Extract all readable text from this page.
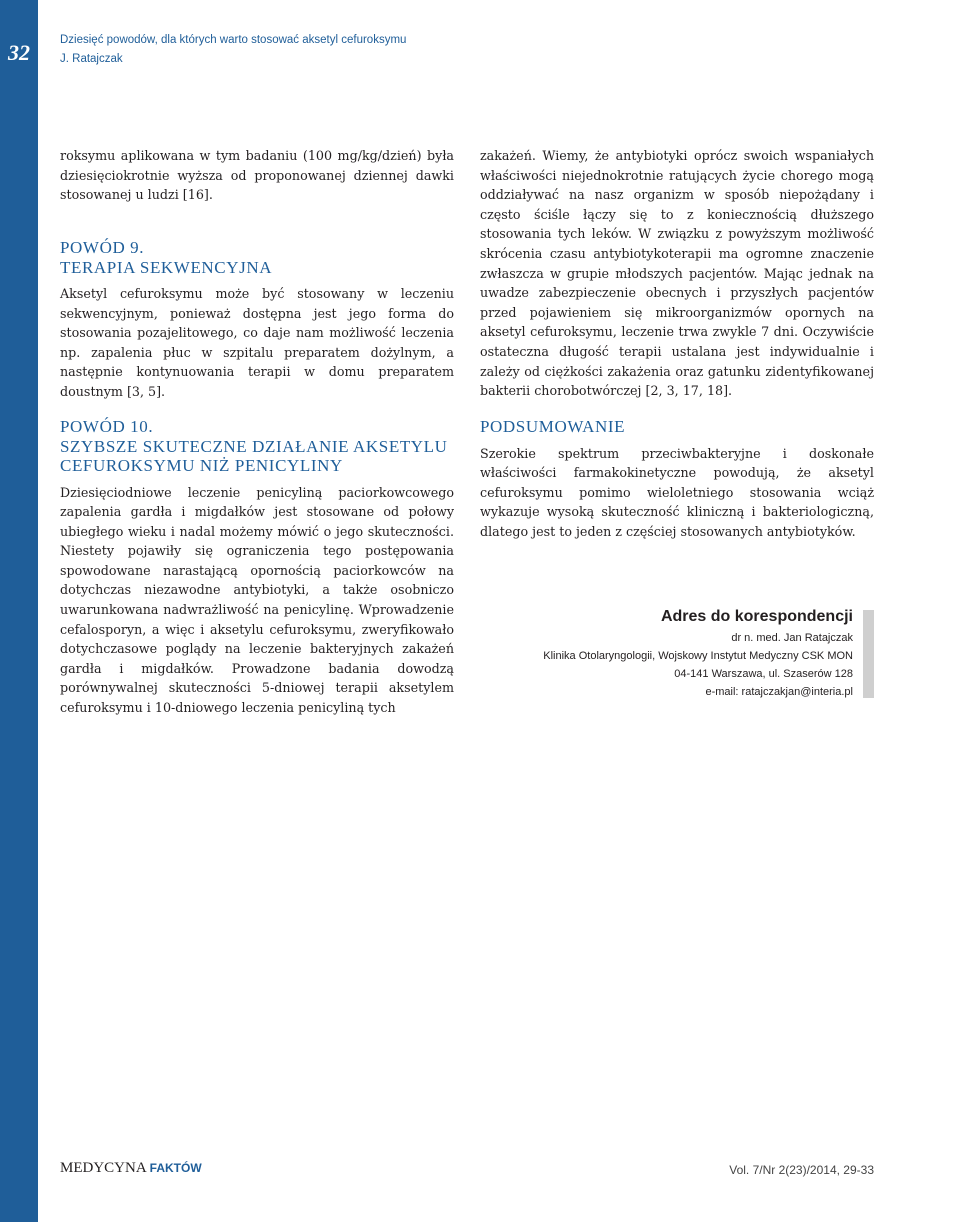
32	Dziesięć powodów, dla których warto stosować aksetyl cefuroksymu
J. Ratajczak

roksymu aplikowana w tym badaniu (100 mg/kg/dzień) była dziesięciokrotnie wyższa od proponowanej dziennej dawki stosowanej u ludzi [16].

POWÓD 9.
TERAPIA SEKWENCYJNA

Aksetyl cefuroksymu może być stosowany w leczeniu sekwencyjnym, ponieważ dostępna jest jego forma do stosowania pozajelitowego, co daje nam możliwość leczenia np. zapalenia płuc w szpitalu preparatem dożylnym, a następnie kontynuowania terapii w domu preparatem doustnym [3, 5].

POWÓD 10.
SZYBSZE SKUTECZNE DZIAŁANIE AKSETYLU CEFUROKSYMU NIŻ PENICYLINY

Dziesięciodniowe leczenie penicyliną paciorkowcowego zapalenia gardła i migdałków jest stosowane od połowy ubiegłego wieku i nadal możemy mówić o jego skuteczności. Niestety pojawiły się ograniczenia tego postępowania spowodowane narastającą opornością paciorkowców na dotychczas niezawodne antybiotyki, a także osobniczo uwarunkowana nadwrażliwość na penicylinę. Wprowadzenie cefalosporyn, a więc i aksetylu cefuroksymu, zweryfikowało dotychczasowe poglądy na leczenie bakteryjnych zakażeń gardła i migdałków. Prowadzone badania dowodzą porównywalnej skuteczności 5-dniowej terapii aksetylem cefuroksymu i 10-dniowego leczenia penicyliną tych

zakażeń. Wiemy, że antybiotyki oprócz swoich wspaniałych właściwości niejednokrotnie ratujących życie chorego mogą oddziaływać na nasz organizm w sposób niepożądany i często ściśle łączy się to z koniecznością dłuższego stosowania tych leków. W związku z powyższym możliwość skrócenia czasu antybiotykoterapii ma ogromne znaczenie zwłaszcza w grupie młodszych pacjentów. Mając jednak na uwadze zabezpieczenie obecnych i przyszłych pacjentów przed pojawieniem się mikroorganizmów opornych na aksetyl cefuroksymu, leczenie trwa zwykle 7 dni. Oczywiście ostateczna długość terapii ustalana jest indywidualnie i zależy od ciężkości zakażenia oraz gatunku zidentyfikowanej bakterii chorobotwórczej [2, 3, 17, 18].

PODSUMOWANIE

Szerokie spektrum przeciwbakteryjne i doskonałe właściwości farmakokinetyczne powodują, że aksetyl cefuroksymu pomimo wieloletniego stosowania wciąż wykazuje wysoką skuteczność kliniczną i bakteriologiczną, dlatego jest to jeden z częściej stosowanych antybiotyków.

Adres do korespondencji
dr n. med. Jan Ratajczak
Klinika Otolaryngologii, Wojskowy Instytut Medyczny CSK MON
04-141 Warszawa, ul. Szaserów 128
e-mail: ratajczakjan@interia.pl
MEDYCYNA FAKTÓW	Vol. 7/Nr 2(23)/2014, 29-33
